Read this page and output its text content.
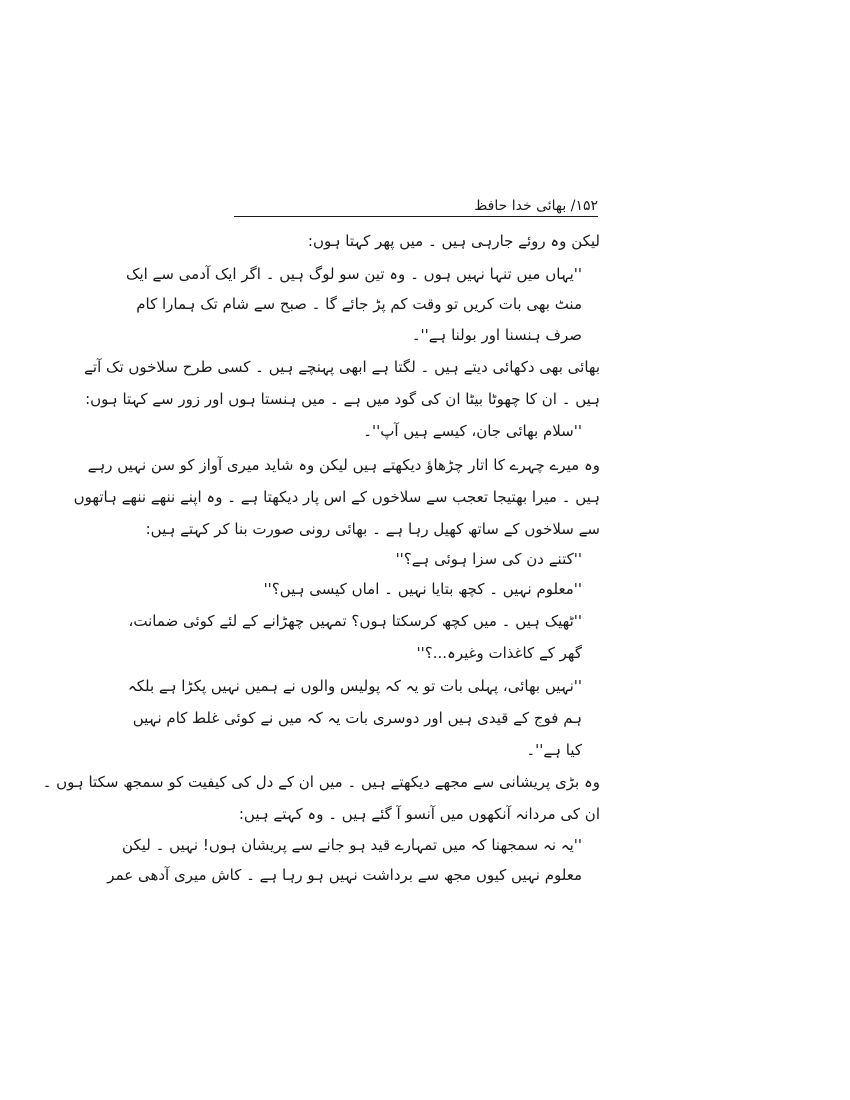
۱۵۲/ بھائی خدا حافظ
لیکن وہ روئے جارہی ہیں ۔ میں پھر کہتا ہوں:
''یہاں میں تنہا نہیں ہوں ۔ وہ تین سو لوگ ہیں ۔ اگر ایک آدمی سے ایک
منٹ بھی بات کریں تو وقت کم پڑ جائے گا ۔ صبح سے شام تک ہمارا کام
صرف ہنسنا اور بولنا ہے''۔
بھائی بھی دکھائی دیتے ہیں ۔ لگتا ہے ابھی پہنچے ہیں ۔ کسی طرح سلاخوں تک آتے
ہیں ۔ ان کا چھوٹا بیٹا ان کی گود میں ہے ۔ میں ہنستا ہوں اور زور سے کہتا ہوں:
''سلام بھائی جان، کیسے ہیں آپ''۔
وہ میرے چہرے کا اتار چڑھاؤ دیکھتے ہیں لیکن وہ شاید میری آواز کو سن نہیں رہے
ہیں ۔ میرا بھتیجا تعجب سے سلاخوں کے اس پار دیکھتا ہے ۔ وہ اپنے ننھے ننھے ہاتھوں
سے سلاخوں کے ساتھ کھیل رہا ہے ۔ بھائی رونی صورت بنا کر کہتے ہیں:
''کتنے دن کی سزا ہوئی ہے؟''
''معلوم نہیں ۔ کچھ بتایا نہیں ۔ اماں کیسی ہیں؟''
''ٹھیک ہیں ۔ میں کچھ کرسکتا ہوں؟ تمہیں چھڑانے کے لئے کوئی ضمانت،
گھر کے کاغذات وغیرہ...؟''
''نہیں بھائی، پہلی بات تو یہ کہ پولیس والوں نے ہمیں نہیں پکڑا ہے بلکہ
ہم فوج کے قیدی ہیں اور دوسری بات یہ کہ میں نے کوئی غلط کام نہیں
کیا ہے''۔
وہ بڑی پریشانی سے مجھے دیکھتے ہیں ۔ میں ان کے دل کی کیفیت کو سمجھ سکتا ہوں ۔
ان کی مردانہ آنکھوں میں آنسو آ گئے ہیں ۔ وہ کہتے ہیں:
''یہ نہ سمجھنا کہ میں تمہارے قید ہو جانے سے پریشان ہوں! نہیں ۔ لیکن
معلوم نہیں کیوں مجھ سے برداشت نہیں ہو رہا ہے ۔ کاش میری آدھی عمر
